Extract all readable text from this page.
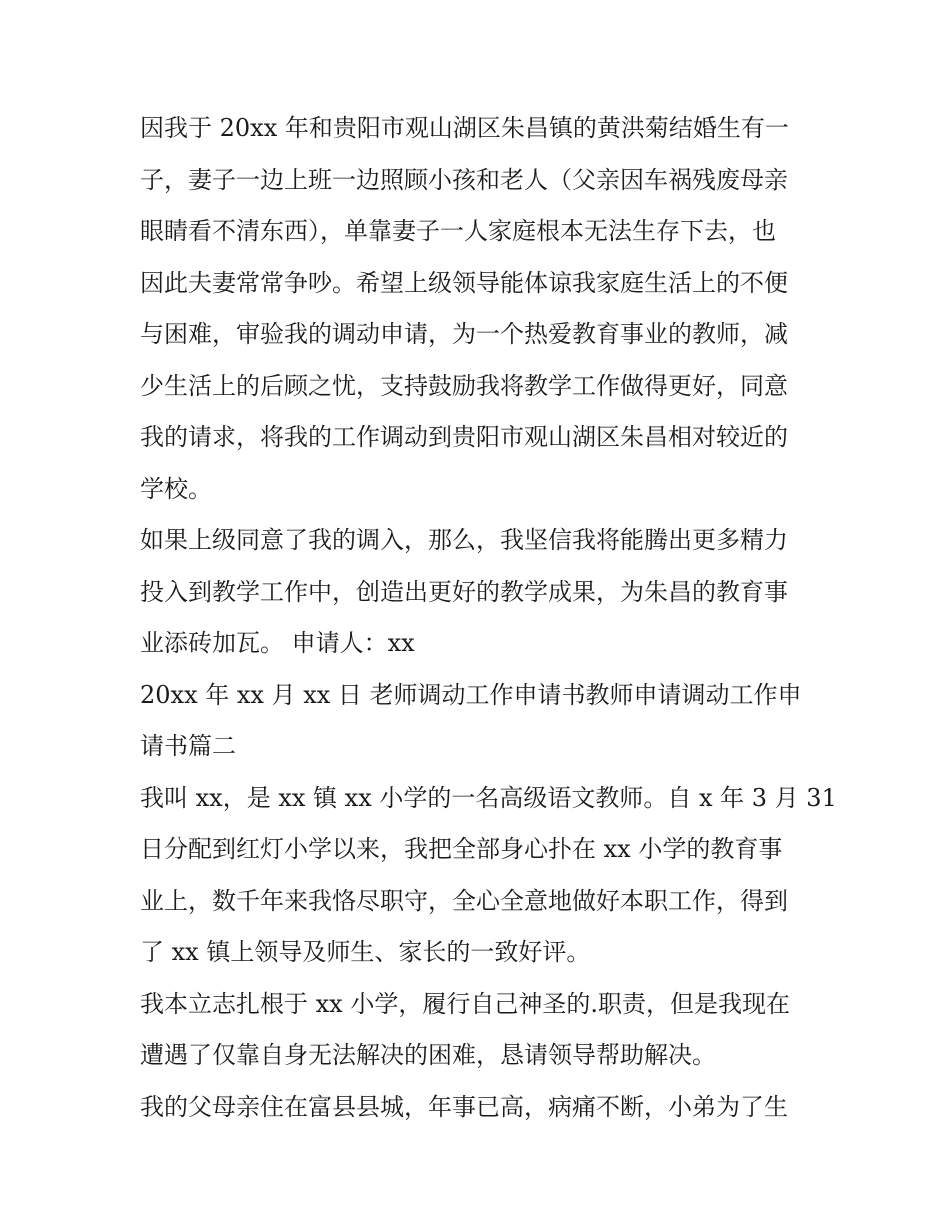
因我于 20xx 年和贵阳市观山湖区朱昌镇的黄洪菊结婚生有一
子，妻子一边上班一边照顾小孩和老人（父亲因车祸残废母亲
眼睛看不清东西），单靠妻子一人家庭根本无法生存下去，也
因此夫妻常常争吵。希望上级领导能体谅我家庭生活上的不便
与困难，审验我的调动申请，为一个热爱教育事业的教师，减
少生活上的后顾之忧，支持鼓励我将教学工作做得更好，同意
我的请求，将我的工作调动到贵阳市观山湖区朱昌相对较近的
学校。
如果上级同意了我的调入，那么，我坚信我将能腾出更多精力
投入到教学工作中，创造出更好的教学成果，为朱昌的教育事
业添砖加瓦。 申请人：xx
20xx 年 xx 月 xx 日 老师调动工作申请书教师申请调动工作申
请书篇二
我叫 xx，是 xx 镇 xx 小学的一名高级语文教师。自 x 年 3 月 31
日分配到红灯小学以来，我把全部身心扑在 xx 小学的教育事
业上，数千年来我恪尽职守，全心全意地做好本职工作，得到
了 xx 镇上领导及师生、家长的一致好评。
我本立志扎根于 xx 小学，履行自己神圣的.职责，但是我现在
遭遇了仅靠自身无法解决的困难，恳请领导帮助解决。
我的父母亲住在富县县城，年事已高，病痛不断，小弟为了生
